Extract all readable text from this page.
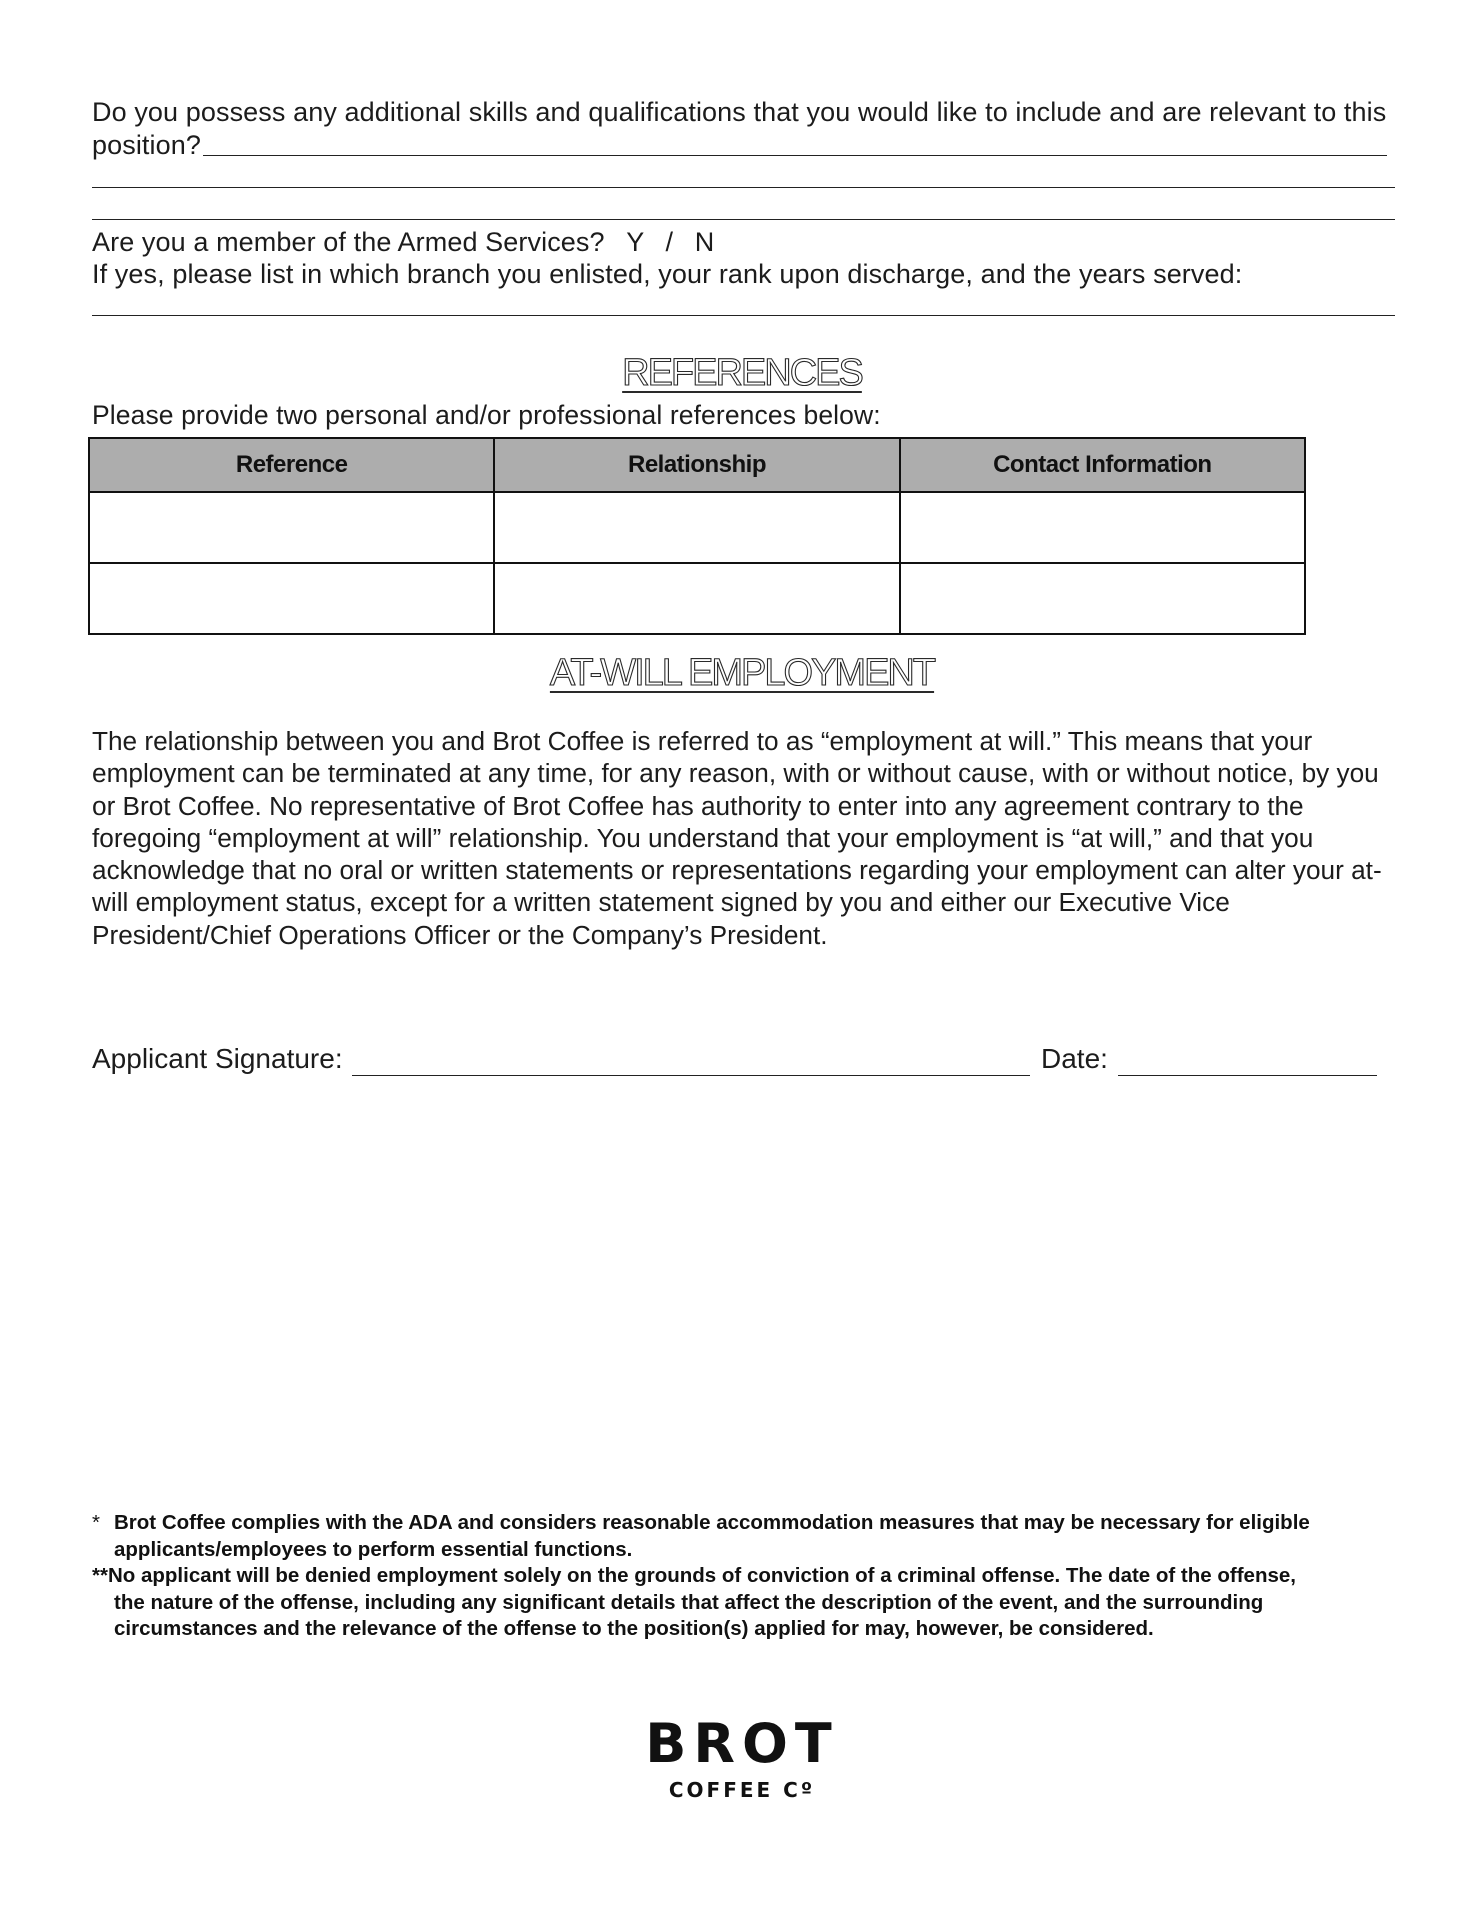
Do you possess any additional skills and qualifications that you would like to include and are relevant to this
position?
Are you a member of the Armed Services? Y / N
If yes, please list in which branch you enlisted, your rank upon discharge, and the years served:
REFERENCES
Please provide two personal and/or professional references below:
Reference	Relationship	Contact Information

AT-WILL EMPLOYMENT
The relationship between you and Brot Coffee is referred to as “employment at will.” This means that your
employment can be terminated at any time, for any reason, with or without cause, with or without notice, by you
or Brot Coffee. No representative of Brot Coffee has authority to enter into any agreement contrary to the
foregoing “employment at will” relationship. You understand that your employment is “at will,” and that you
acknowledge that no oral or written statements or representations regarding your employment can alter your at-
will employment status, except for a written statement signed by you and either our Executive Vice
President/Chief Operations Officer or the Company’s President.
Applicant Signature:	Date:
* Brot Coffee complies with the ADA and considers reasonable accommodation measures that may be necessary for eligible
applicants/employees to perform essential functions.
**No applicant will be denied employment solely on the grounds of conviction of a criminal offense. The date of the offense,
the nature of the offense, including any significant details that affect the description of the event, and the surrounding
circumstances and the relevance of the offense to the position(s) applied for may, however, be considered.
BROT
COFFEE Cº
